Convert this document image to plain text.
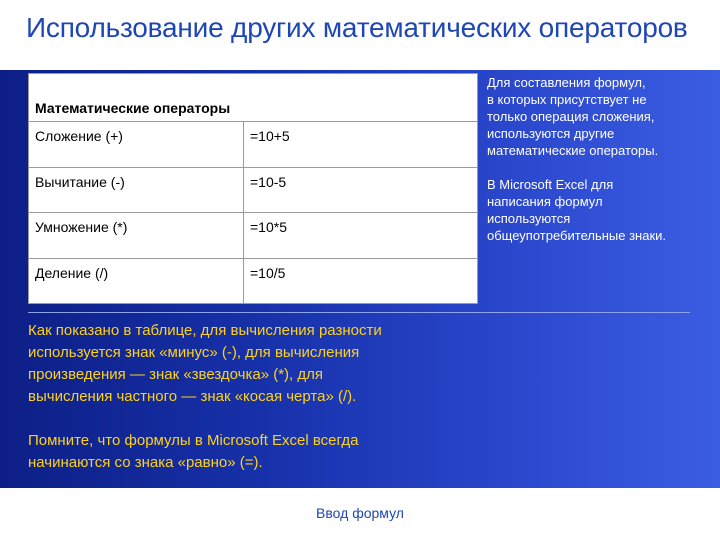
Использование других математических операторов
Математические операторы	
Сложение (+)	=10+5
Вычитание (-)	=10-5
Умножение (*)	=10*5
Деление (/)	=10/5

Для составления формул,

в которых присутствует не

только операция сложения,

используются другие

математические операторы.

В Microsoft Excel для

написания формул

используются

общеупотребительные знаки.

Как показано в таблице, для вычисления разности

используется знак «минус» (-), для вычисления

произведения — знак «звездочка» (*), для

вычисления частного — знак «косая черта» (/).

Помните, что формулы в Microsoft Excel всегда

начинаются со знака «равно» (=).

Ввод формул
